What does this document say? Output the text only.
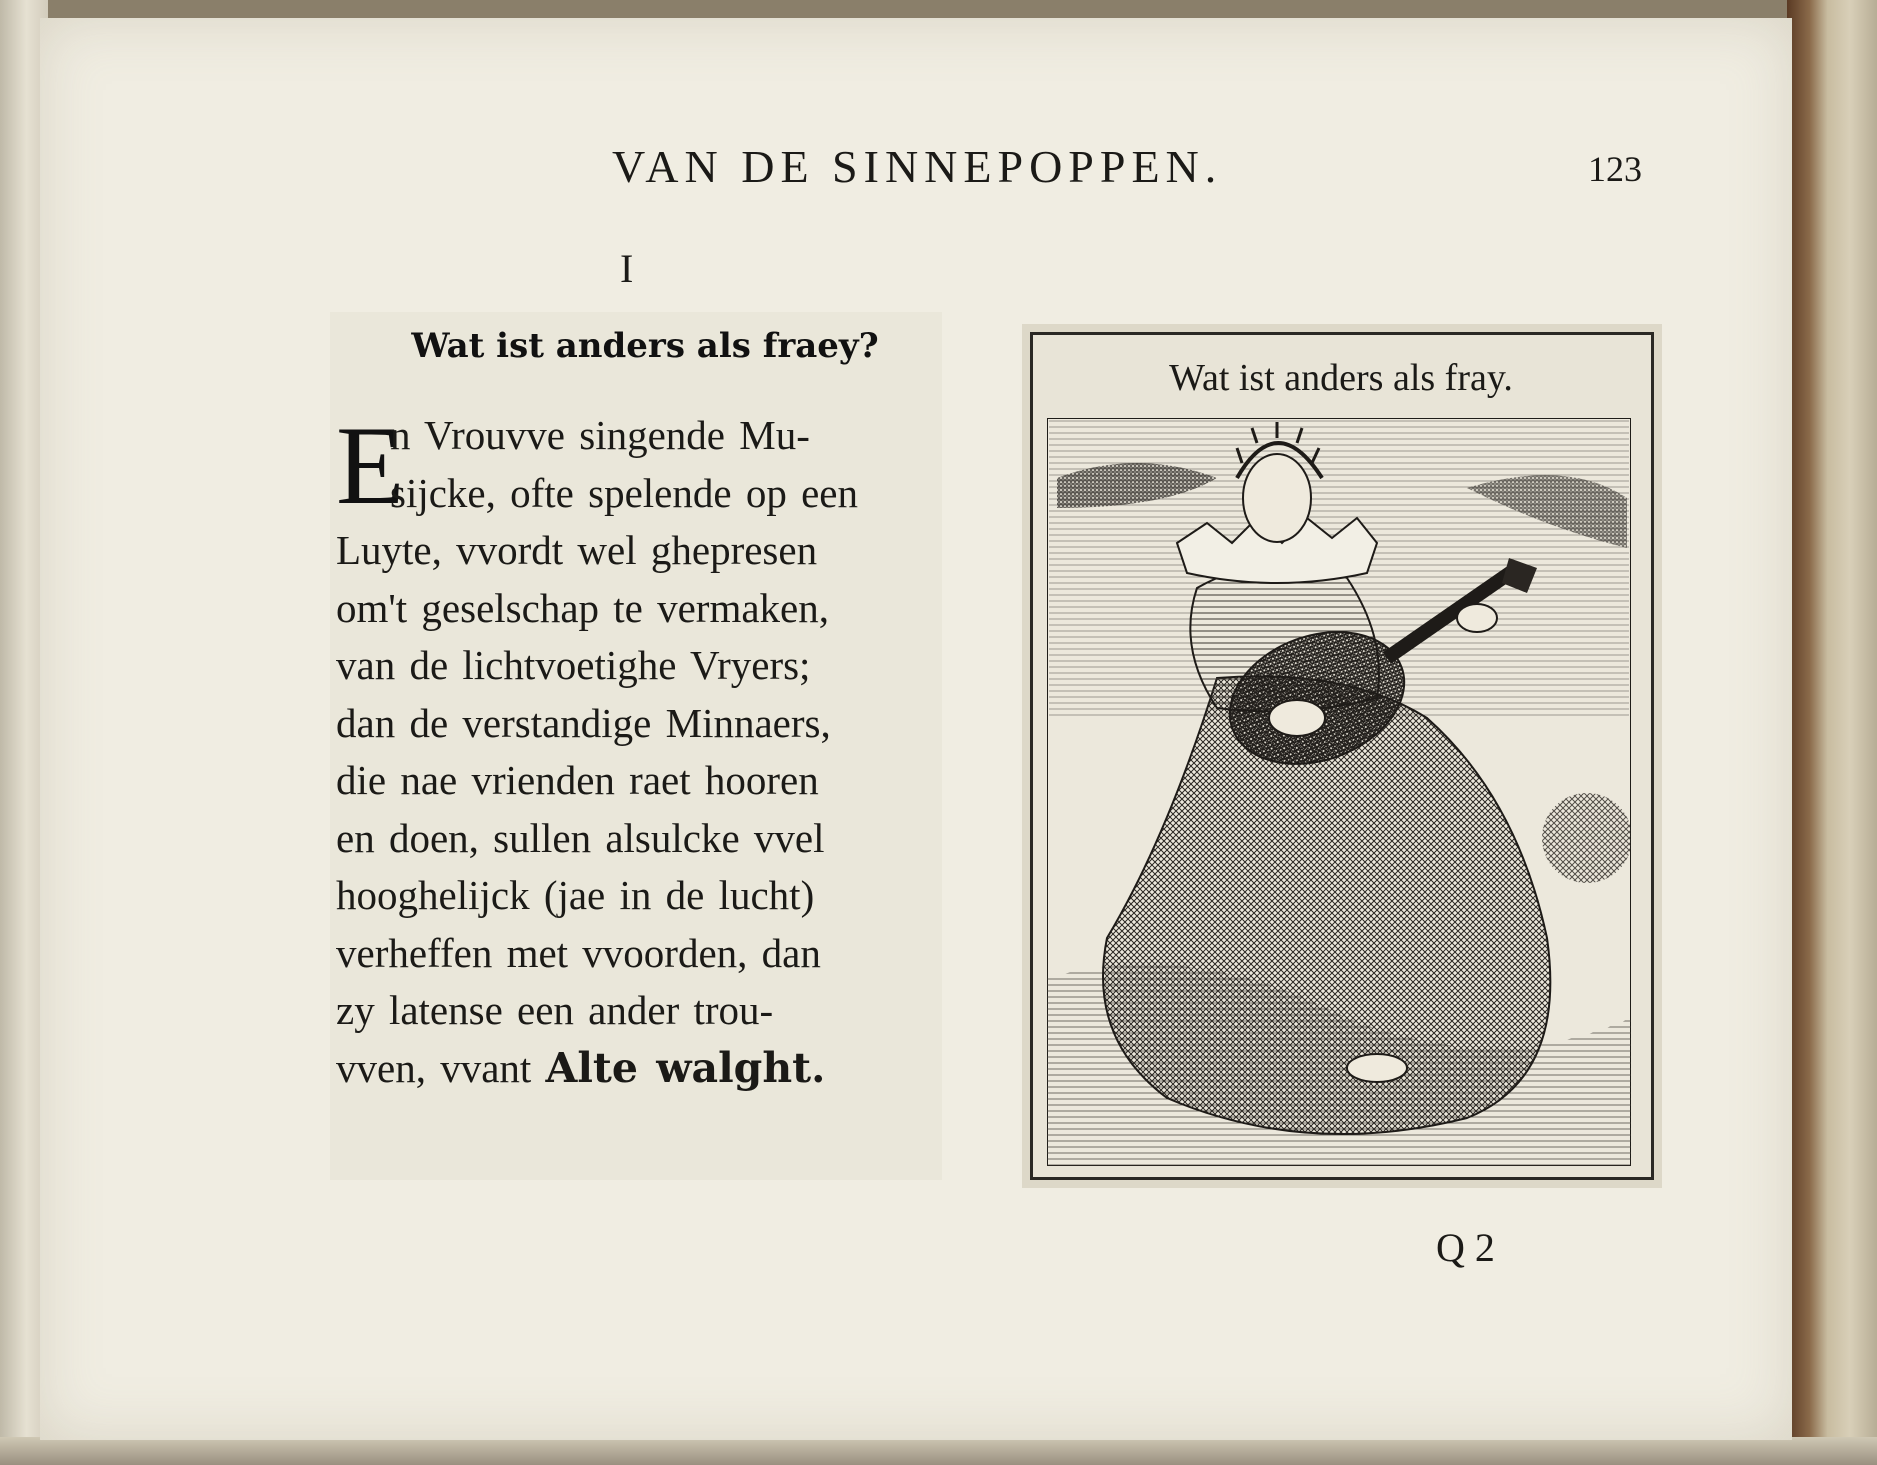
VAN DE SINNEPOPPEN.	123
I
Wat ist anders als fraey?
E
n Vrouvve singende Mu-
sijcke, ofte spelende op een
Luyte, vvordt wel ghepresen
om't geselschap te vermaken,
van de lichtvoetighe Vryers;
dan de verstandige Minnaers,
die nae vrienden raet hooren
en doen, sullen alsulcke vvel
hooghelijck (jae in de lucht)
verheffen met vvoorden, dan
zy latense een ander trou-
vven, vvant
Alte walght.
Wat ist anders als fray.
Q 2
